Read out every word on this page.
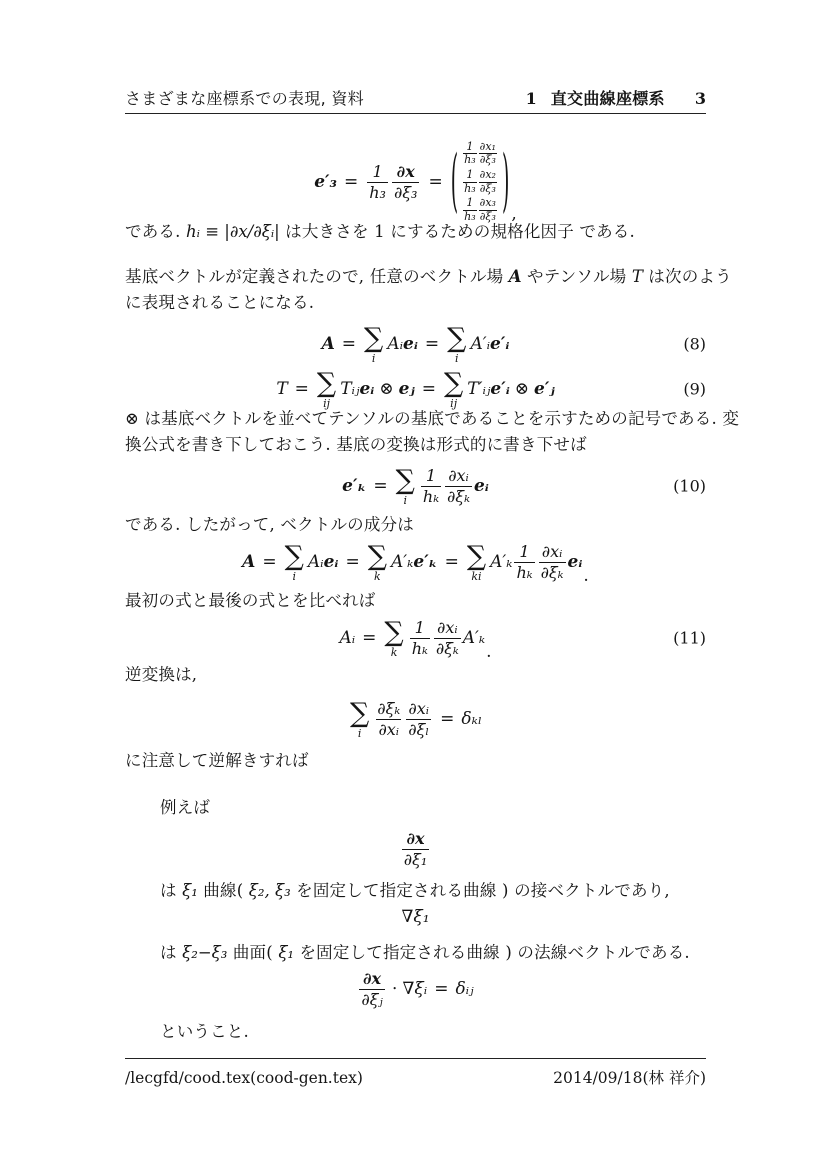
さまざまな座標系での表現, 資料	1 直交曲線座標系 3
$e'_3 = \frac{1}{\text{h₃}} \frac{\partial x}{\text{∂ξ₃}}$ = ( $\frac{1}{\text{h₃}} \frac{\text{∂x₁}}{\text{∂ξ₃}}$
$\frac{1}{\text{h₃}} \frac{\text{∂x₂}}{\text{∂ξ₃}}$
$\frac{1}{\text{h₃}} \frac{\text{∂x₃}}{\text{∂ξ₃}}$ ) ,
である. hᵢ ≡ |∂x/∂ξᵢ| は大きさを 1 にするための規格化因子 である.
基底ベクトルが定義されたので, 任意のベクトル場 A やテンソル場 T は次のよう
に表現されることになる.
A = ∑
i
Aᵢ eᵢ = ∑
i
A′ᵢ e′ᵢ	(8)
T = ∑
ij
Tᵢⱼ eᵢ ⊗ eⱼ = ∑
ij
T′ᵢⱼ e′ᵢ ⊗ e′ⱼ	(9)
⊗ は基底ベクトルを並べてテンソルの基底であることを示すための記号である. 変
換公式を書き下しておこう. 基底の変換は形式的に書き下せば
e′ₖ = ∑
i $\frac{1}{\text{hₖ}} \frac{\text{∂xᵢ}}{\text{∂ξₖ}}$ eᵢ	(10)
である. したがって, ベクトルの成分は
A = ∑
i
Aᵢ eᵢ = ∑
k
A′ₖ e′ₖ = ∑
ki
$A'_k \frac{1}{\text{hₖ}} \frac{\text{∂xᵢ}}{\text{∂ξₖ}}$ eᵢ
.
最初の式と最後の式とを比べれば
Aᵢ = ∑
k $\frac{1}{\text{hₖ}} \frac{\text{∂xᵢ}}{\text{∂ξₖ}} A'_k$
.
(11)
逆変換は,
∑
i $\frac{\text{∂ξₖ}}{\text{∂xᵢ}} \frac{\text{∂xᵢ}}{\text{∂ξₗ}} = \delta_{kl}$
に注意して逆解きすれば
例えば
$\frac{\partial x}{\text{∂ξ₁}}$
は ξ₁ 曲線( ξ₂, ξ₃ を固定して指定される曲線 ) の接ベクトルであり,
∇ξ₁
は ξ₂−ξ₃ 曲面( ξ₁ を固定して指定される曲線 ) の法線ベクトルである.
$\frac{\partial x}{\text{∂ξⱼ}}$ ⋅ ∇ξᵢ = δᵢⱼ
ということ.
/lecgfd/cood.tex(cood-gen.tex)	2014/09/18(林 祥介)
